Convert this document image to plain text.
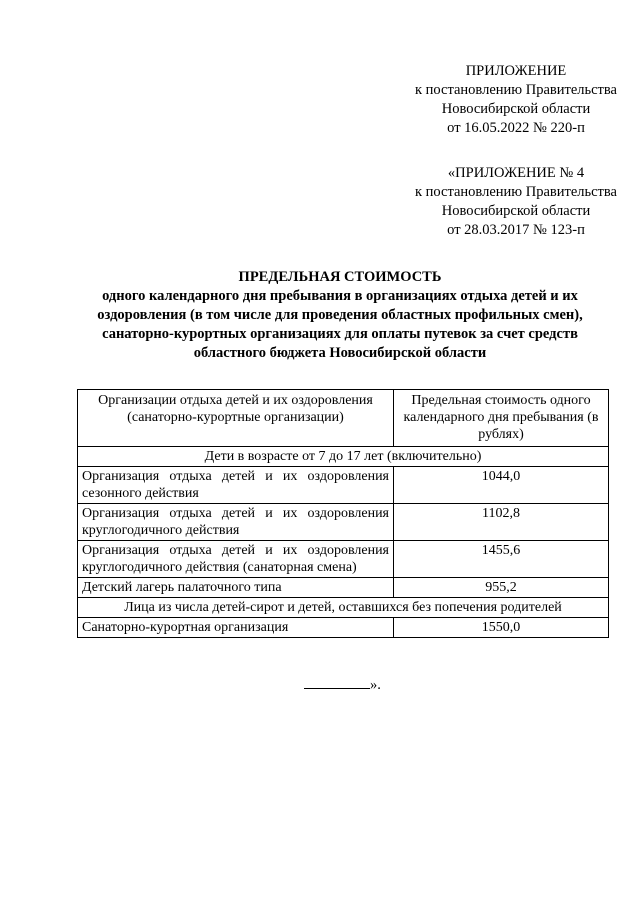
ПРИЛОЖЕНИЕ
к постановлению Правительства
Новосибирской области
от 16.05.2022 № 220-п
«ПРИЛОЖЕНИЕ № 4
к постановлению Правительства
Новосибирской области
от 28.03.2017 № 123-п
ПРЕДЕЛЬНАЯ СТОИМОСТЬ
одного календарного дня пребывания в организациях отдыха детей и их
оздоровления (в том числе для проведения областных профильных смен),
санаторно-курортных организациях для оплаты путевок за счет средств
областного бюджета Новосибирской области
Организации отдыха детей и их оздоровления (санаторно-курортные организации)	Предельная стоимость одного календарного дня пребывания (в рублях)
Дети в возрасте от 7 до 17 лет (включительно)	
Организация отдыха детей и их оздоровления сезонного действия	1044,0
Организация отдыха детей и их оздоровления круглогодичного действия	1102,8
Организация отдыха детей и их оздоровления круглогодичного действия (санаторная смена)	1455,6
Детский лагерь палаточного типа	955,2
Лица из числа детей-сирот и детей, оставшихся без попечения родителей	
Санаторно-курортная организация	1550,0
».
